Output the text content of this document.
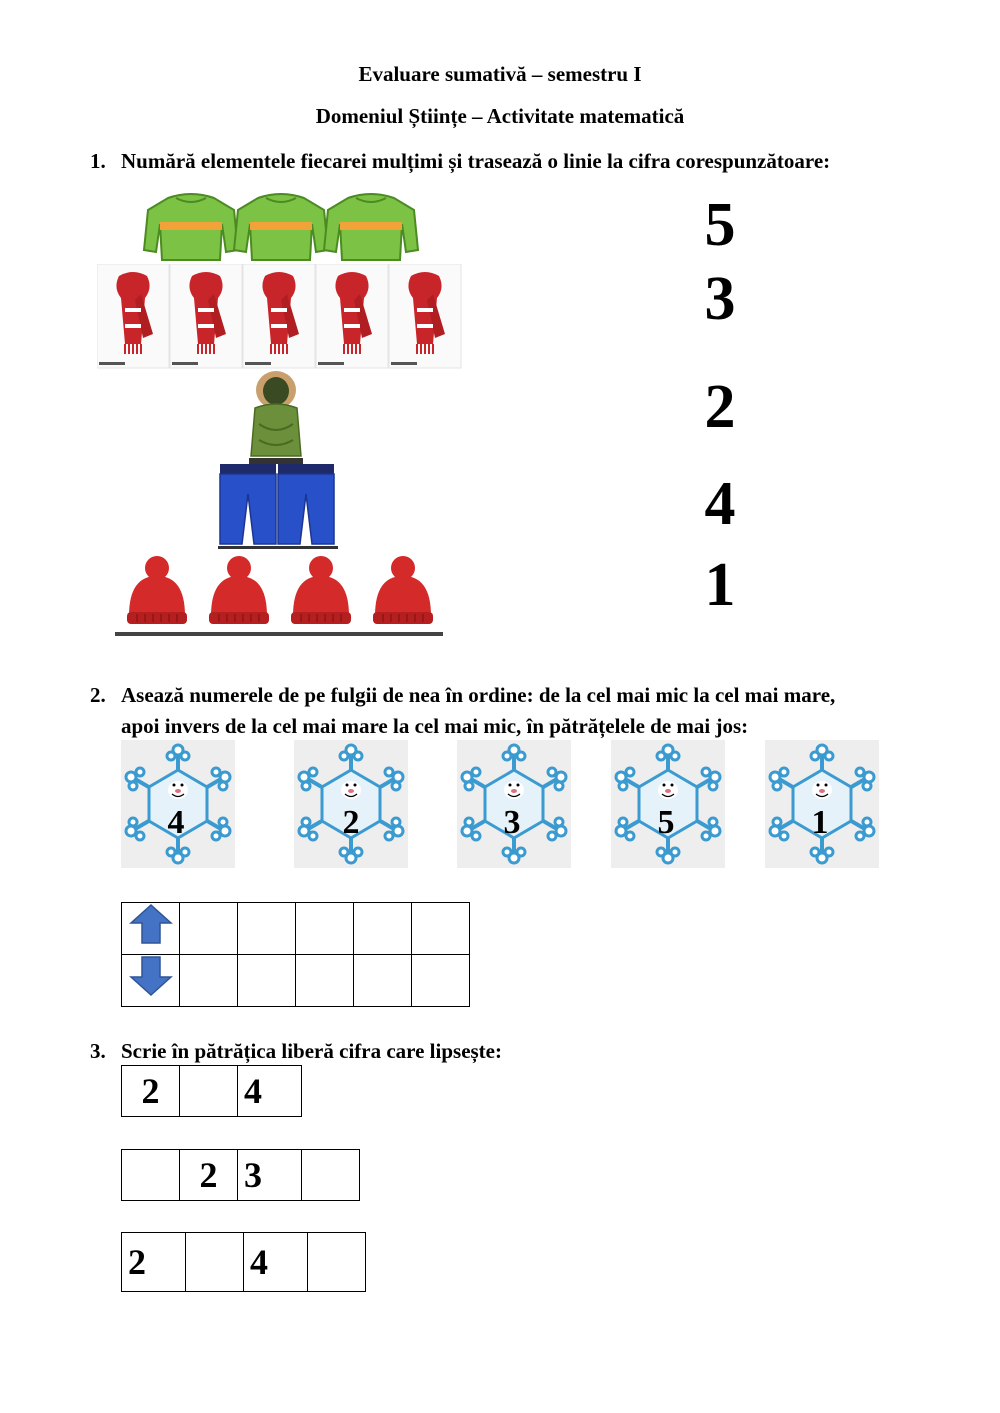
Evaluare sumativă – semestru I
Domeniul Științe – Activitate matematică
1. Numără elementele fiecarei mulțimi și trasează o linie la cifra corespunzătoare:
5
3
2
4
1
2. Asează numerele de pe fulgii de nea în ordine: de la cel mai mic la cel mai mare,
apoi invers de la cel mai mare la cel mai mic, în pătrățelele de mai jos:
4	2	3	5	1

3. Scrie în pătrățica liberă cifra care lipsește:
2		4
	2	3	
2		4	
